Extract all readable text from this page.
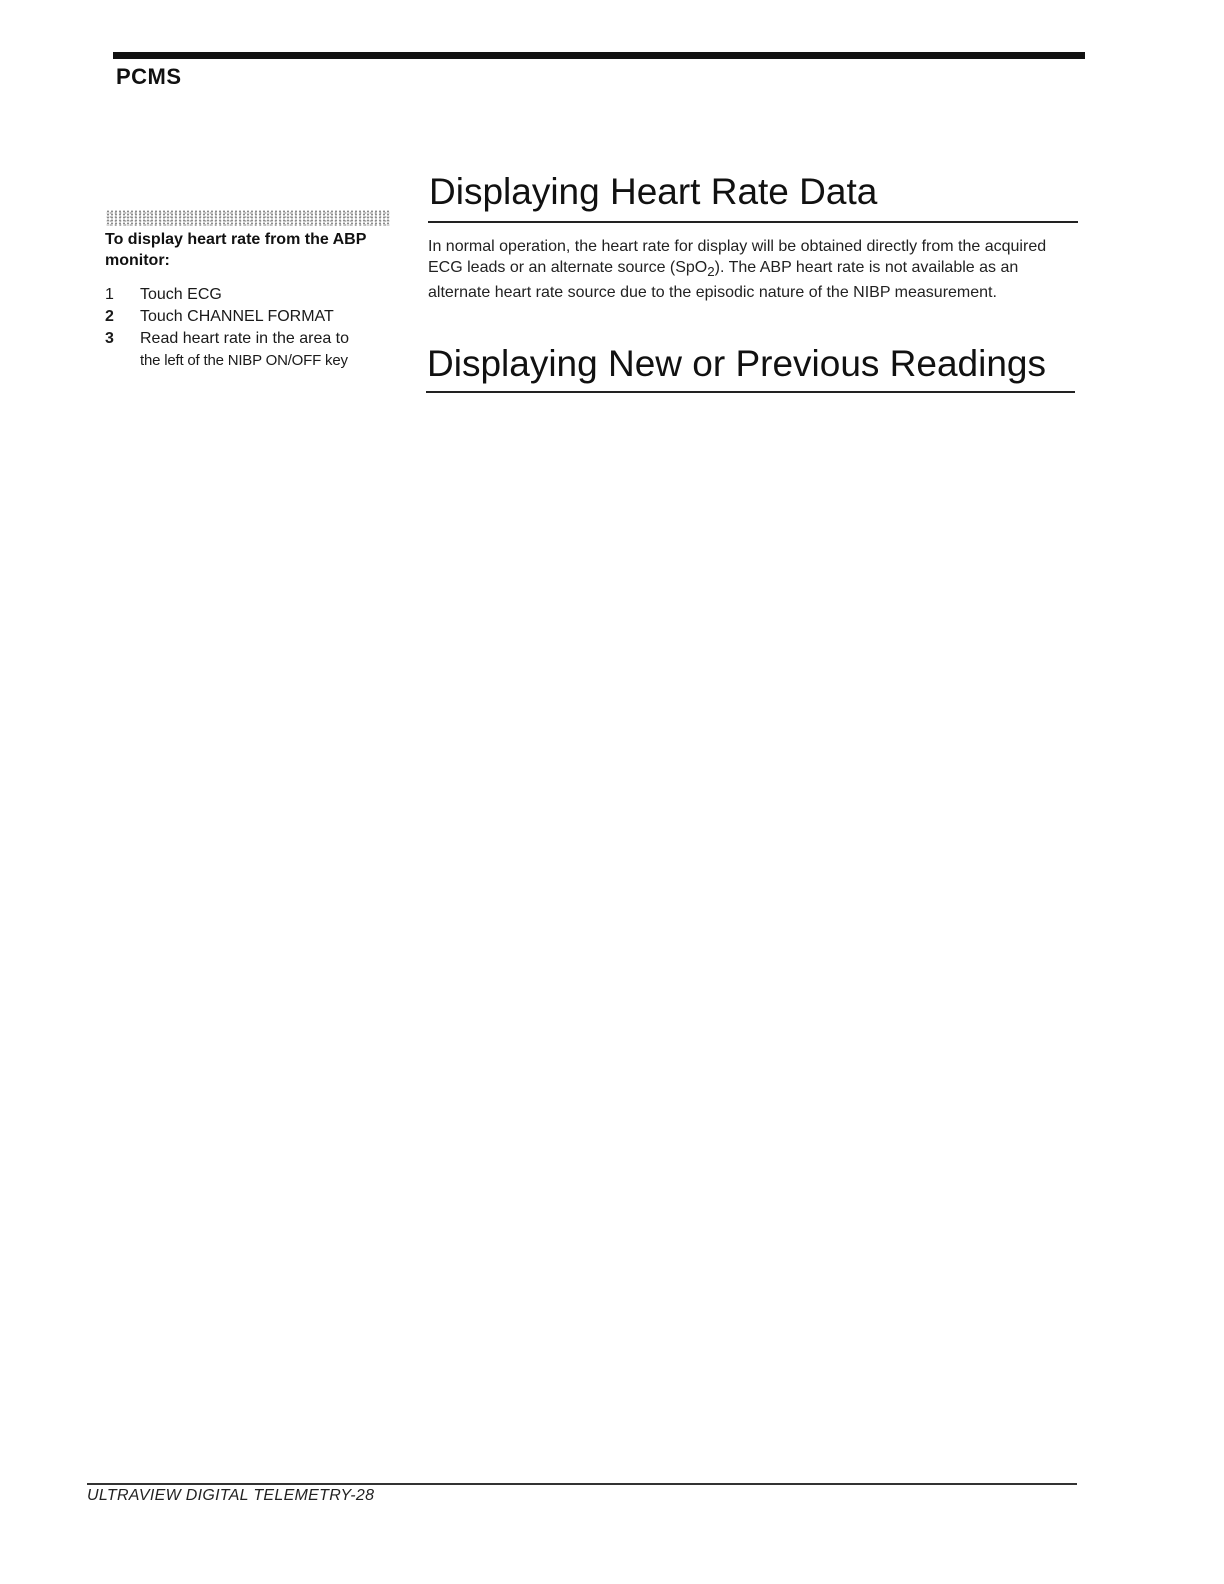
PCMS
To display heart rate from the ABP monitor:
1	Touch ECG
2	Touch CHANNEL FORMAT
3	Read heart rate in the area to
the left of the NIBP ON/OFF key
Displaying Heart Rate Data

In normal operation, the heart rate for display will be obtained directly from the acquired ECG leads or an alternate source (SpO$_2$). The ABP heart rate is not available as an alternate heart rate source due to the episodic nature of the NIBP measurement.

Displaying New or Previous Readings
ULTRAVIEW DIGITAL TELEMETRY-28
